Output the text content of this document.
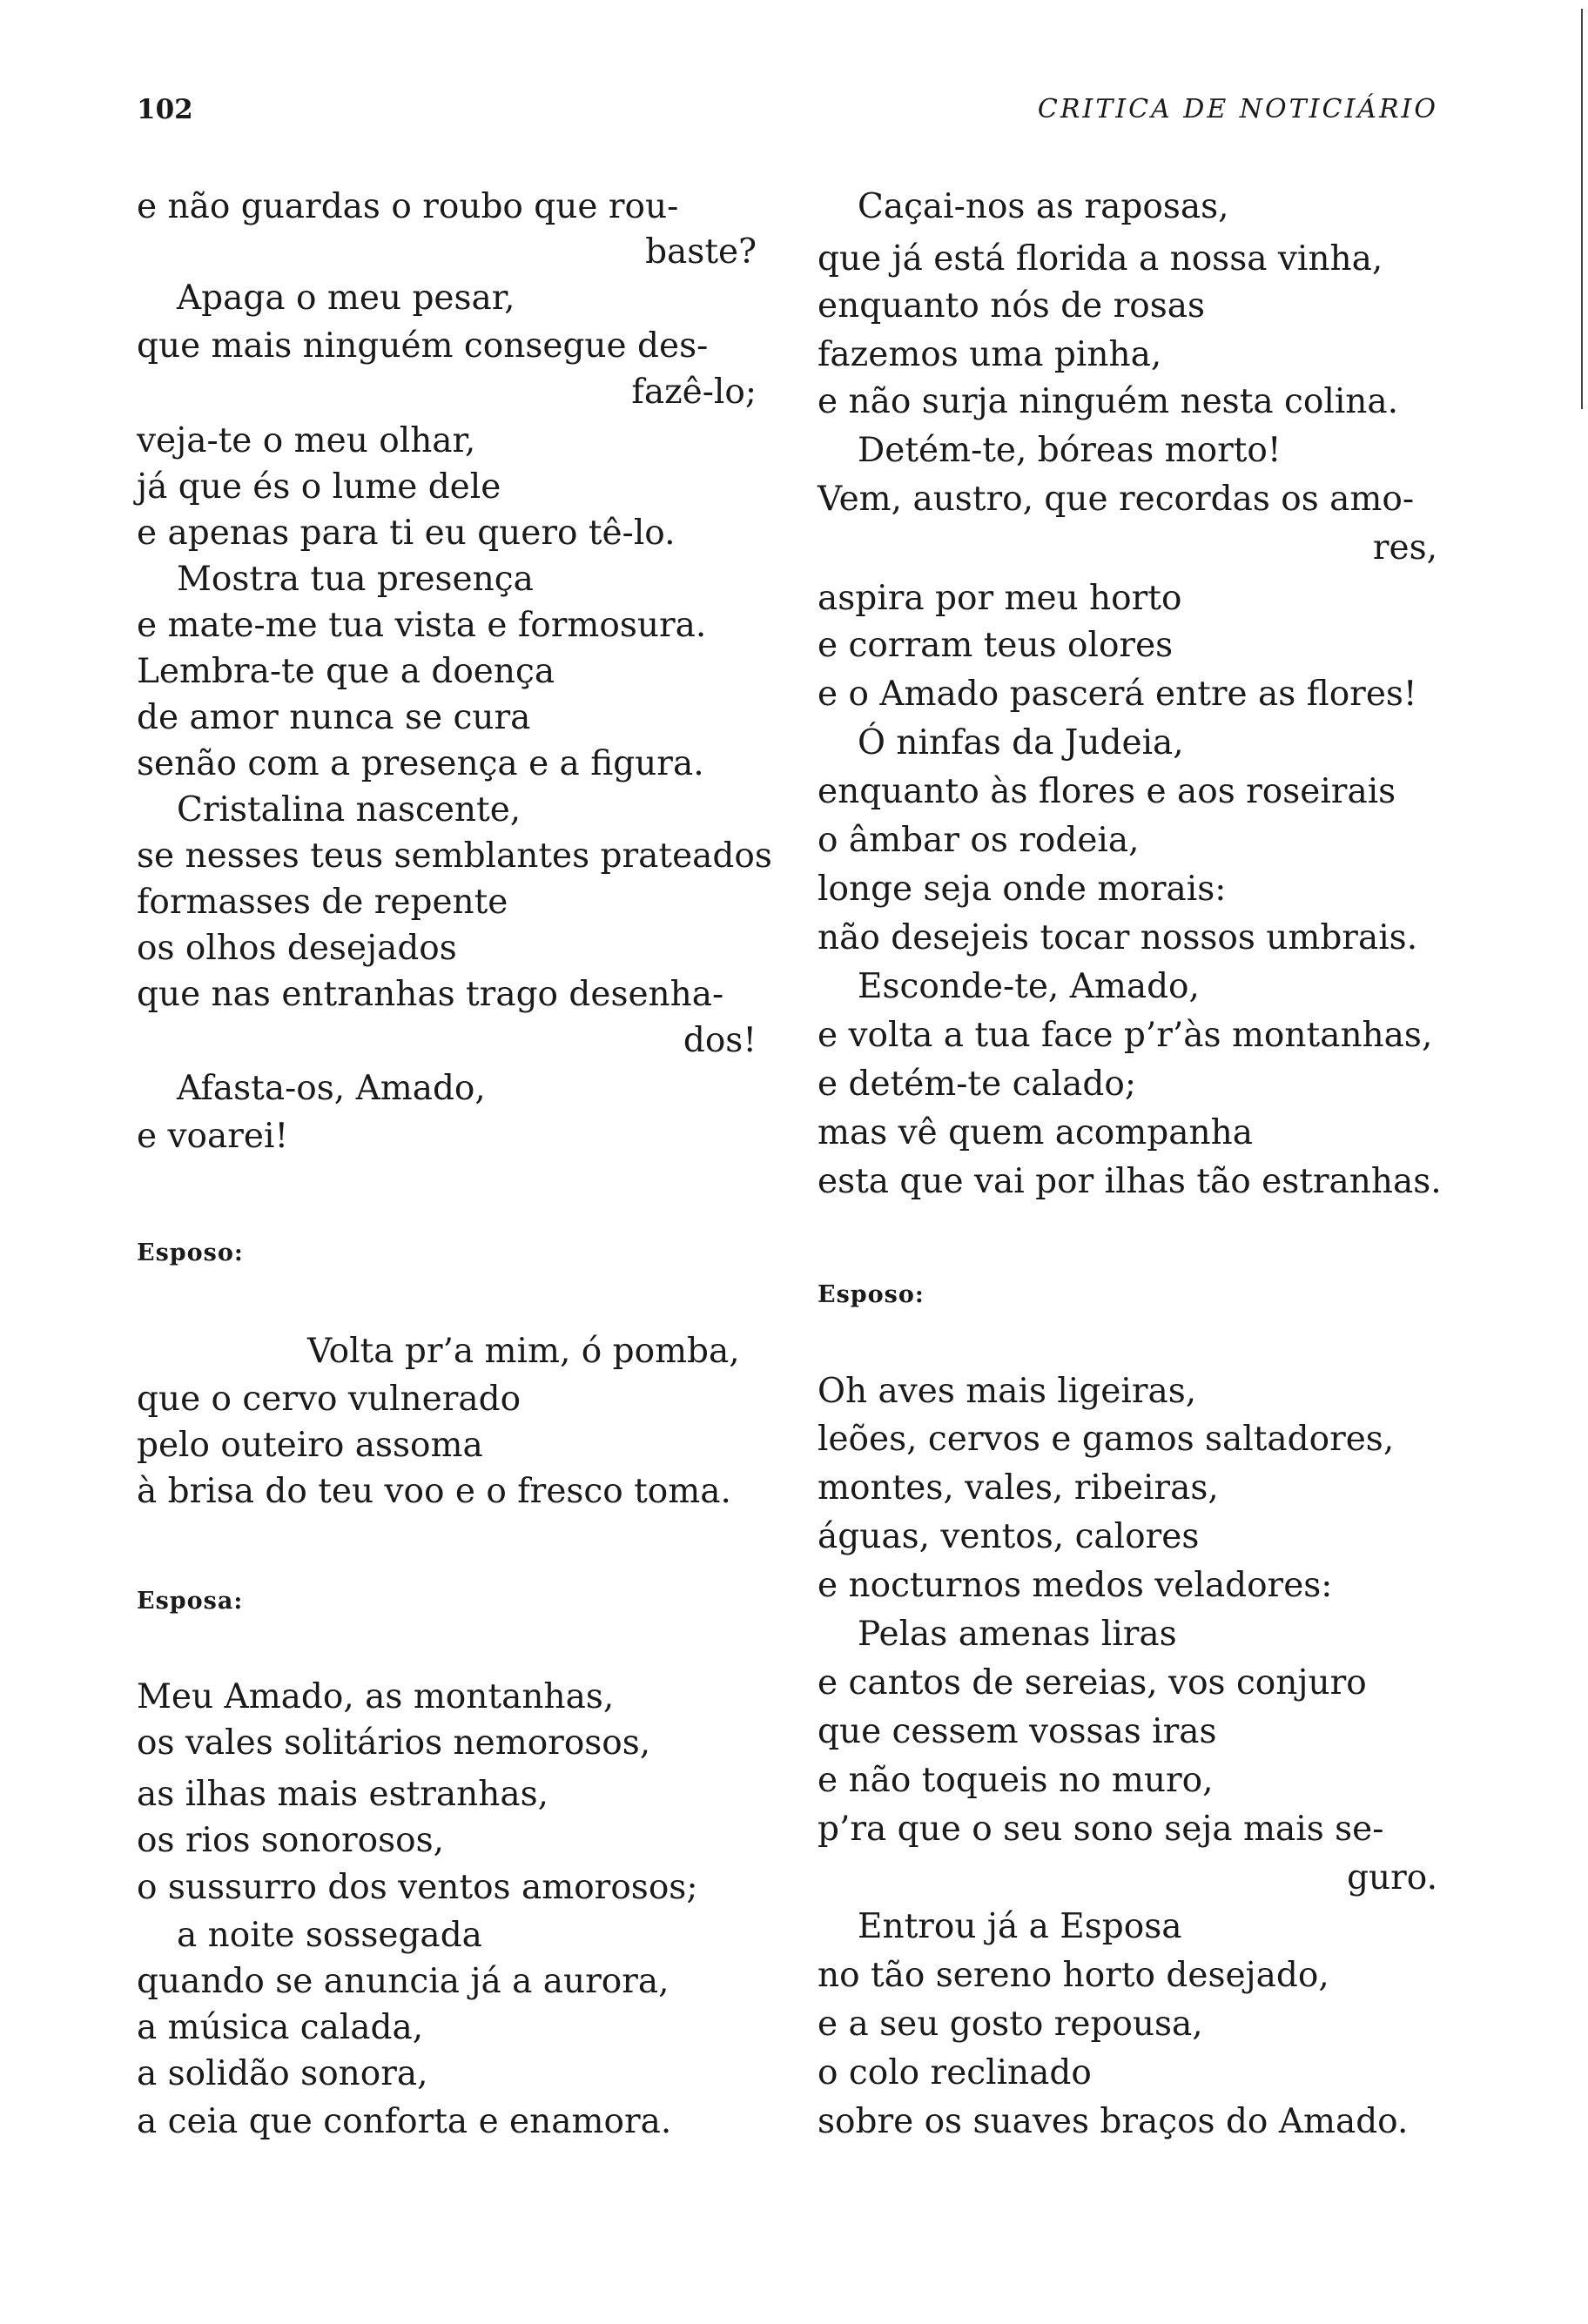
102	CRITICA DE NOTICIÁRIO
e não guardas o roubo que rou-
baste?
Apaga o meu pesar,
que mais ninguém consegue des-
fazê-lo;
veja-te o meu olhar,
já que és o lume dele
e apenas para ti eu quero tê-lo.
Mostra tua presença
e mate-me tua vista e formosura.
Lembra-te que a doença
de amor nunca se cura
senão com a presença e a figura.
Cristalina nascente,
se nesses teus semblantes prateados
formasses de repente
os olhos desejados
que nas entranhas trago desenha-
dos!
Afasta-os, Amado,
e voarei!
Esposo:
Volta pr’a mim, ó pomba,
que o cervo vulnerado
pelo outeiro assoma
à brisa do teu voo e o fresco toma.
Esposa:
Meu Amado, as montanhas,
os vales solitários nemorosos,
as ilhas mais estranhas,
os rios sonorosos,
o sussurro dos ventos amorosos;
a noite sossegada
quando se anuncia já a aurora,
a música calada,
a solidão sonora,
a ceia que conforta e enamora.
Caçai-nos as raposas,
que já está florida a nossa vinha,
enquanto nós de rosas
fazemos uma pinha,
e não surja ninguém nesta colina.
Detém-te, bóreas morto!
Vem, austro, que recordas os amo-
res,
aspira por meu horto
e corram teus olores
e o Amado pascerá entre as flores!
Ó ninfas da Judeia,
enquanto às flores e aos roseirais
o âmbar os rodeia,
longe seja onde morais:
não desejeis tocar nossos umbrais.
Esconde-te, Amado,
e volta a tua face p’r’às montanhas,
e detém-te calado;
mas vê quem acompanha
esta que vai por ilhas tão estranhas.
Esposo:
Oh aves mais ligeiras,
leões, cervos e gamos saltadores,
montes, vales, ribeiras,
águas, ventos, calores
e nocturnos medos veladores:
Pelas amenas liras
e cantos de sereias, vos conjuro
que cessem vossas iras
e não toqueis no muro,
p’ra que o seu sono seja mais se-
guro.
Entrou já a Esposa
no tão sereno horto desejado,
e a seu gosto repousa,
o colo reclinado
sobre os suaves braços do Amado.
